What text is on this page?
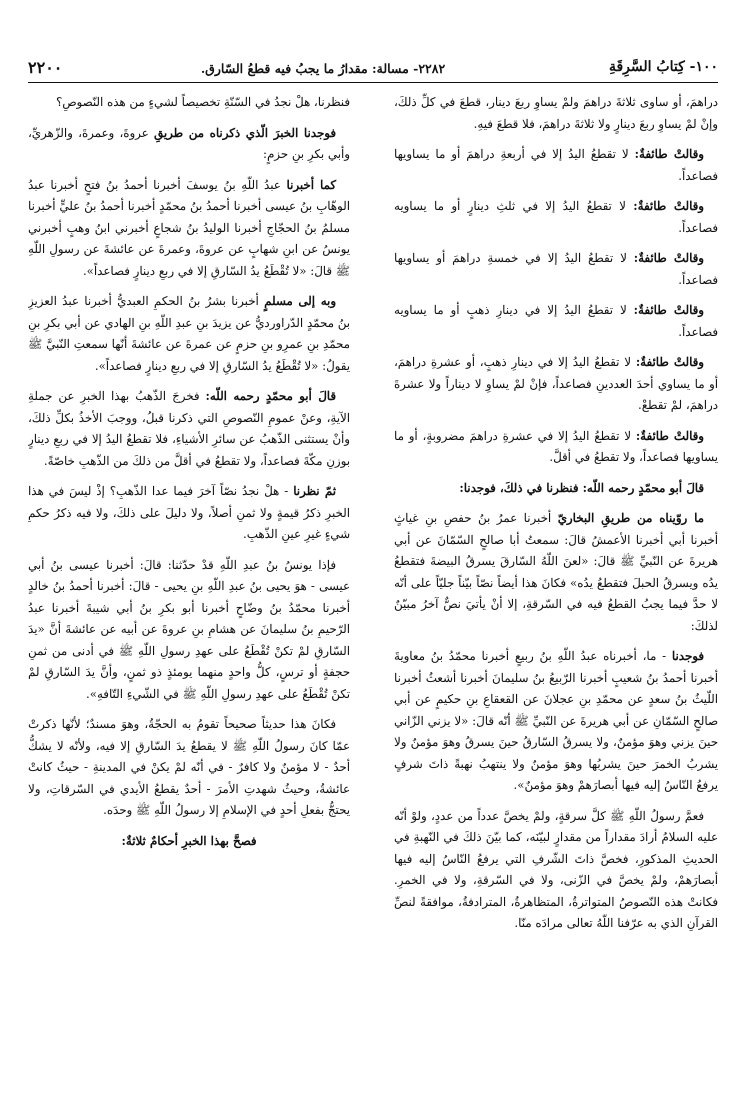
١٠٠- كِتابُ السَّرِقَةِ
٢٢٨٢- مسالة: مقدارُ ما يجبُ فيه قطعُ السّارق.
٢٢٠٠

دراهمَ، أو ساوى ثلاثةَ دراهمَ ولمْ يساوِ ربعَ دينار، قطعَ في كلِّ ذلكَ، وإنْ لمْ يساوِ ربعَ دينارٍ ولا ثلاثةَ دراهمَ، فلا قطعَ فيهِ.

وقالتْ طائفةٌ: لا تقطعُ اليدُ إلا في أربعةِ دراهمَ أو ما يساويها فصاعداً.

وقالتْ طائفةٌ: لا تقطعُ اليدُ إلا في ثلثِ دينارٍ أو ما يساويه فصاعداً.

وقالتْ طائفةٌ: لا تقطعُ اليدُ إلا في خمسةِ دراهمَ أو يساويها فصاعداً.

وقالتْ طائفةٌ: لا تقطعُ اليدُ إلا في دينارِ ذهبٍ أو ما يساويه فصاعداً.

وقالتْ طائفةٌ: لا تقطعُ اليدُ إلا في دينارِ ذهبٍ، أو عشرةِ دراهمَ، أو ما يساوي أحدَ العددينِ فصاعداً، فإنْ لمْ يساوِ لا ديناراً ولا عشرةَ دراهمَ، لمْ تقطعْ.

وقالتْ طائفةٌ: لا تقطعُ اليدُ إلا في عشرةِ دراهمَ مضروبةٍ، أو ما يساويها فصاعداً، ولا تقطعُ في أقلَّ.

قالَ أبو محمّدٍ رحمه اللّه: فنظرنا في ذلكَ، فوجدنا:

ما روّيناه من طريقِ البخاريّ أخبرنا عمرُ بنُ حفصِ بنِ غياثٍ أخبرنا أبي أخبرنا الأعمشُ قالَ: سمعتُ أبا صالحٍ السّمّانَ عن أبي هريرةَ عن النّبيِّ ﷺ قالَ: «لعنَ اللّهُ السّارقَ يسرقُ البيضةَ فتقطعُ يدُه ويسرقُ الحبلَ فتقطعُ يدُه» فكانَ هذا أيضاً نصّاً بيّناً جليّاً على أنّه لا حدَّ فيما يجبُ القطعُ فيه في السّرقةِ، إلا أنْ يأتيَ نصٌّ آخرُ مبيّنٌ لذلكَ:

فوجدنا - ما، أخبرناه عبدُ اللّهِ بنُ ربيعٍ أخبرنا محمّدُ بنُ معاويةَ أخبرنا أحمدُ بنُ شعيبٍ أخبرنا الرّبيعُ بنُ سليمانَ أخبرنا أشعثُ أخبرنا اللّيثُ بنُ سعدٍ عن محمّدِ بنِ عجلانَ عن القعقاعِ بنِ حكيمٍ عن أبي صالحٍ السّمّانِ عن أبي هريرةَ عن النّبيِّ ﷺ أنّه قالَ: «لا يزني الزّاني حينَ يزني وهوَ مؤمنٌ، ولا يسرقُ السّارقُ حينَ يسرقُ وهوَ مؤمنٌ ولا يشربُ الخمرَ حينَ يشربُها وهوَ مؤمنٌ ولا ينتهبُ نهبةً ذاتَ شرفٍ يرفعُ النّاسُ إليه فيها أبصارَهمْ وهوَ مؤمنٌ».

فعمَّ رسولُ اللّهِ ﷺ كلَّ سرقةٍ، ولمْ يخصَّ عدداً من عددٍ، ولوْ أنّه عليه السلامُ أرادَ مقداراً من مقدارٍ لبيّنَه، كما بيّنَ ذلكَ في النّهبةِ في الحديثِ المذكورِ، فخصَّ ذاتَ الشّرفِ التي يرفعُ النّاسُ إليه فيها أبصارَهمْ، ولمْ يخصَّ في الزّنى، ولا في السّرقةِ، ولا في الخمرِ. فكانتْ هذه النّصوصُ المتواترةُ، المتظاهرةُ، المترادفةُ، موافقةً لنصِّ القرآنِ الذي به عرّفنا اللّهُ تعالى مرادَه منّا.

فنظرنا، هلْ نجدُ في السّنّةِ تخصيصاً لشيءٍ من هذه النّصوصِ؟

فوجدنا الخبرَ الّذي ذكرناه من طريقِ عروةَ، وعمرةَ، والزّهريِّ، وأبي بكرِ بنِ حزمٍ:

كما أخبرنا عبدُ اللّهِ بنُ يوسفَ أخبرنا أحمدُ بنُ فتحٍ أخبرنا عبدُ الوهّابِ بنُ عيسى أخبرنا أحمدُ بنُ محمّدٍ أخبرنا أحمدُ بنُ عليٍّ أخبرنا مسلمُ بنُ الحجّاجِ أخبرنا الوليدُ بنُ شجاعٍ أخبرني ابنُ وهبٍ أخبرني يونسُ عن ابنِ شهابٍ عن عروةَ، وعمرةَ عن عائشةَ عن رسولِ اللّهِ ﷺ قالَ: «لا تُقْطَعُ يدُ السّارقِ إلا في ربعِ دينارٍ فصاعداً».

وبه إلى مسلمٍ أخبرنا بشرُ بنُ الحكمِ العبديُّ أخبرنا عبدُ العزيزِ بنُ محمّدٍ الدّراورديُّ عن يزيدَ بنِ عبدِ اللّهِ بنِ الهادي عن أبي بكرِ بنِ محمّدِ بنِ عمرِو بنِ حزمٍ عن عمرةَ عن عائشةَ أنّها سمعتِ النّبيَّ ﷺ يقولُ: «لا تُقْطَعُ يدُ السّارقِ إلا في ربعِ دينارٍ فصاعداً».

قالَ أبو محمّدٍ رحمه اللّه: فخرجَ الذّهبُ بهذا الخبرِ عن جملةِ الآيةِ، وعنْ عمومِ النّصوصِ التي ذكرنا قبلُ، ووجبَ الأخذُ بكلِّ ذلكَ، وأنْ يستثنى الذّهبُ عن سائرِ الأشياءِ، فلا تقطعُ اليدُ إلا في ربعِ دينارٍ بوزنِ مكّةَ فصاعداً، ولا تقطعُ في أقلَّ من ذلكَ من الذّهبِ خاصّةً.

ثمّ نظرنا - هلْ نجدُ نصّاً آخرَ فيما عدا الذّهبِ؟ إذْ ليسَ في هذا الخبرِ ذكرُ قيمةٍ ولا ثمنِ أصلاً، ولا دليلَ على ذلكَ، ولا فيه ذكرُ حكمِ شيءٍ غيرِ عينِ الذّهبِ.

فإذا يونسُ بنُ عبدِ اللّهِ قدْ حدّثنا: قالَ: أخبرنا عيسى بنُ أبي عيسى - هوَ يحيى بنُ عبدِ اللّهِ بنِ يحيى - قالَ: أخبرنا أحمدُ بنُ خالدٍ أخبرنا محمّدُ بنُ وضّاحٍ أخبرنا أبو بكرِ بنُ أبي شيبةَ أخبرنا عبدُ الرّحيمِ بنُ سليمانَ عن هشامِ بنِ عروةَ عن أبيه عن عائشةَ أنَّ «يدَ السّارقِ لمْ تكنْ تُقْطَعُ على عهدِ رسولِ اللّهِ ﷺ في أدنى من ثمنِ حجفةٍ أو ترسٍ، كلُّ واحدٍ منهما يومئذٍ ذو ثمنٍ، وأنَّ يدَ السّارقِ لمْ تكنْ تُقْطَعُ على عهدِ رسولِ اللّهِ ﷺ في الشّيءِ التّافهِ».

فكانَ هذا حديثاً صحيحاً تقومُ به الحجّةُ، وهوَ مسندٌ؛ لأنّها ذكرتْ عمّا كانَ رسولُ اللّهِ ﷺ لا يقطعُ يدَ السّارقِ إلا فيه، ولأنّه لا يشكُّ أحدٌ - لا مؤمنٌ ولا كافرٌ - في أنّه لمْ يكنْ في المدينةِ - حيثُ كانتْ عائشةُ، وحيثُ شهدتِ الأمرَ - أحدٌ يقطعُ الأيدي في السّرقاتِ، ولا يحتجُّ بفعلِ أحدٍ في الإسلامِ إلا رسولُ اللّهِ ﷺ وحدَه.

فصحَّ بهذا الخبرِ أحكامٌ ثلاثةٌ:
